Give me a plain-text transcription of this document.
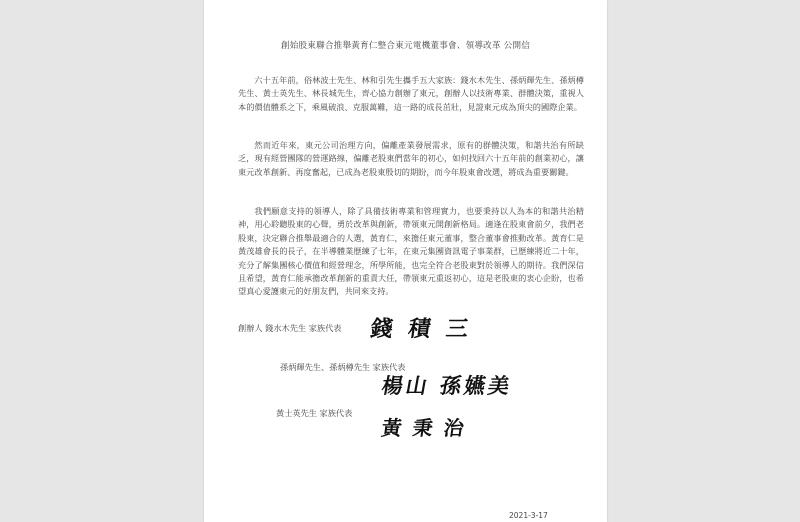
創始股東聯合推舉黃育仁整合東元電機董事會、領導改革 公開信

六十五年前，俗林波士先生、林和引先生攜手五大家族：錢水木先生、孫炳輝先生、孫炳樽先生、黃士英先生、林長城先生，齊心協力創辦了東元，創辦人以技術專業、群體決策，重視人本的價值體系之下，乘風破浪、克服萬難，這一路的成長茁壯，見證東元成為頂尖的國際企業。

然而近年來，東元公司治理方向，偏離產業發展需求，原有的群體決策，和諧共治有所缺乏，現有經營團隊的營運路線，偏離老股東們當年的初心，如何找回六十五年前的創業初心，讓東元改革創新、再度奮起，已成為老股東殷切的期盼，而今年股東會改選，將成為重要關鍵。

我們願意支持的領導人，除了具備技術專業和管理實力，也要秉持以人為本的和諧共治精神，用心聆聽股東的心聲，勇於改革與創新，帶領東元開創新格局。適逢在股東會前夕，我們老股東，決定聯合推舉最適合的人選，黃育仁，來擔任東元董事，整合董事會推動改革。黃育仁是黃茂雄會長的長子，在半導體業歷練了七年，在東元集團資訊電子事業群，已歷練將近二十年，充分了解集團核心價值和經營理念，所學所能，也完全符合老股東對於領導人的期待。我們深信且希望，黃育仁能承擔改革創新的重責大任，帶領東元重返初心，這是老股東的衷心企盼，也希望真心愛護東元的好朋友們，共同來支持。

創辦人 錢水木先生 家族代表 錢 積 三
孫炳輝先生、孫炳樽先生 家族代表
楊山 孫嬿美
黃士英先生 家族代表
黃 秉 治
2021-3-17
